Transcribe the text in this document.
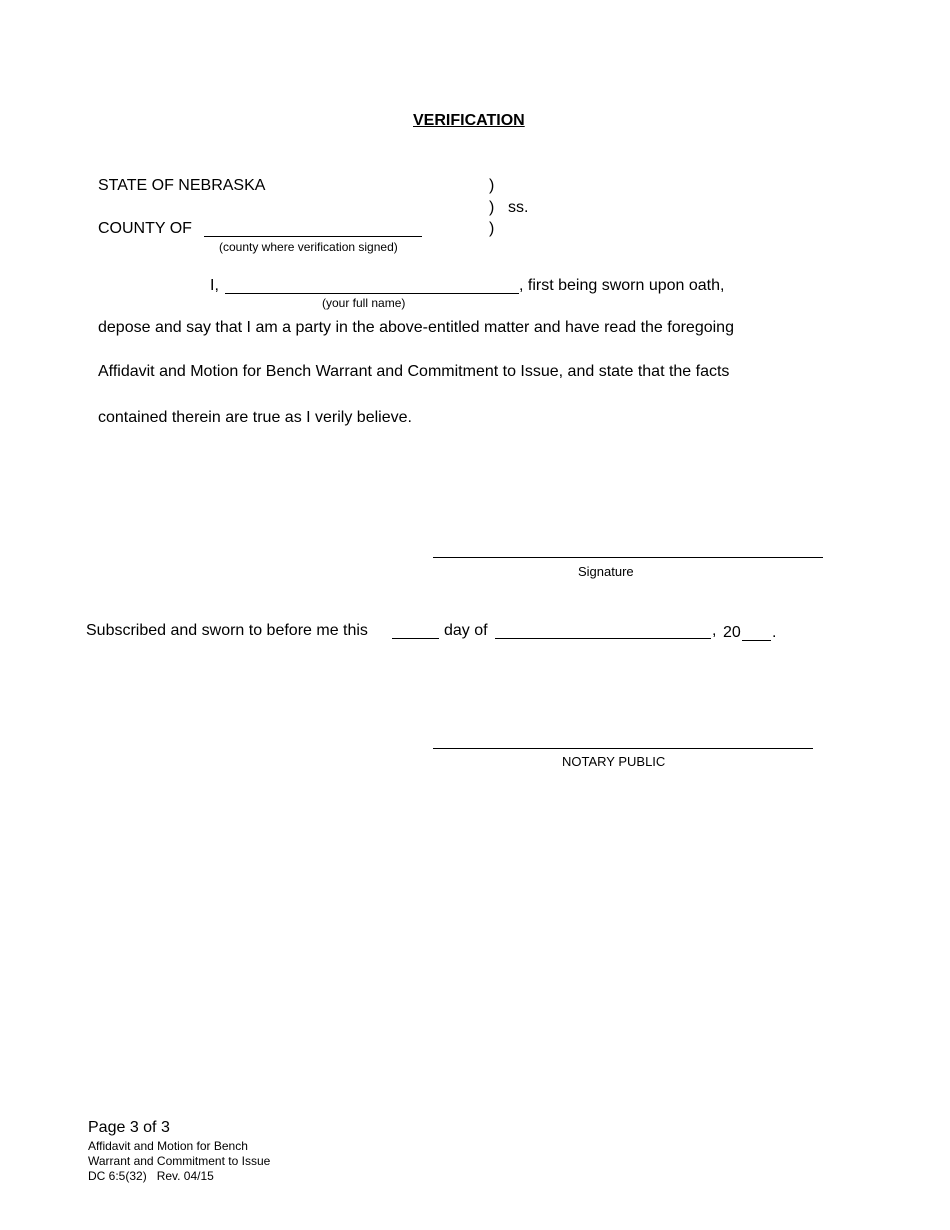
VERIFICATION
STATE OF NEBRASKA	)
) ss.
)
COUNTY OF
(county where verification signed)
I,	, first being sworn upon oath,
(your full name)
depose and say that I am a party in the above-entitled matter and have read the foregoing
Affidavit and Motion for Bench Warrant and Commitment to Issue, and state that the facts
contained therein are true as I verily believe.
Signature
Subscribed and sworn to before me this	day of	, 20 .
NOTARY PUBLIC
Page 3 of 3
Affidavit and Motion for Bench
Warrant and Commitment to Issue
DC 6:5(32)   Rev. 04/15
